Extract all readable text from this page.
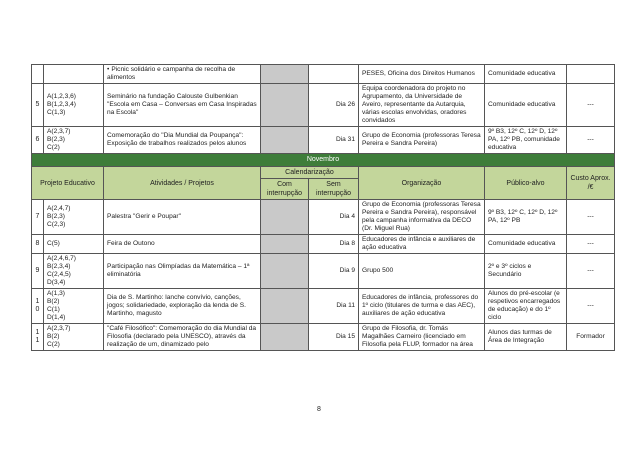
	• Picnic solidário e campanha de recolha de alimentos			PESES, Oficina dos Direitos Humanos	Comunidade educativa	
5	A(1,2,3,6)
B(1,2,3,4)
C(1,3)	Seminário na fundação Calouste Gulbenkian "Escola em Casa – Conversas em Casa Inspiradas na Escola"		Dia 26	Equipa coordenadora do projeto no Agrupamento, da Universidade de Aveiro, representante da Autarquia, várias escolas envolvidas, oradores convidados	Comunidade educativa	---
6	A(2,3,7)
B(2,3)
C(2)	Comemoração do "Dia Mundial da Poupança": Exposição de trabalhos realizados pelos alunos		Dia 31	Grupo de Economia (professoras Teresa Pereira e Sandra Pereira)	9º B3, 12º C, 12º D, 12º PA, 12º PB, comunidade educativa	---
Novembro							
Projeto Educativo		Atividades / Projetos	Calendarização		Organização	Público-alvo	Custo Aprox. /€
			Com interrupção	Sem interrupção			
7	A(2,4,7)
B(2,3)
C(2,3)	Palestra "Gerir e Poupar"		Dia 4	Grupo de Economia (professoras Teresa Pereira e Sandra Pereira), responsável pela campanha informativa da DECO (Dr. Miguel Rua)	9º B3, 12º C, 12º D, 12º PA, 12º PB	---
8	C(5)	Feira de Outono		Dia 8	Educadores de infância e auxiliares de ação educativa	Comunidade educativa	---
9	A(2,4,6,7)
B(2,3,4)
C(2,4,5)
D(3,4)	Participação nas Olimpíadas da Matemática – 1ª eliminatória		Dia 9	Grupo 500	2º e 3º ciclos e Secundário	---
10	A(1,3)
B(2)
C(1)
D(1,4)	Dia de S. Martinho: lanche convívio, canções, jogos; solidariedade, exploração da lenda de S. Martinho, magusto		Dia 11	Educadores de infância, professores do 1º ciclo (titulares de turma e das AEC), auxiliares de ação educativa	Alunos do pré-escolar (e respetivos encarregados de educação) e do 1º ciclo	---
11	A(2,3,7)
B(2)
C(2)	"Café Filosófico": Comemoração do dia Mundial da Filosofia (declarado pela UNESCO), através da realização de um, dinamizado pelo		Dia 15	Grupo de Filosofia, dr. Tomás Magalhães Carneiro (licenciado em Filosofia pela FLUP, formador na área	Alunos das turmas de Área de Integração	Formador
8
